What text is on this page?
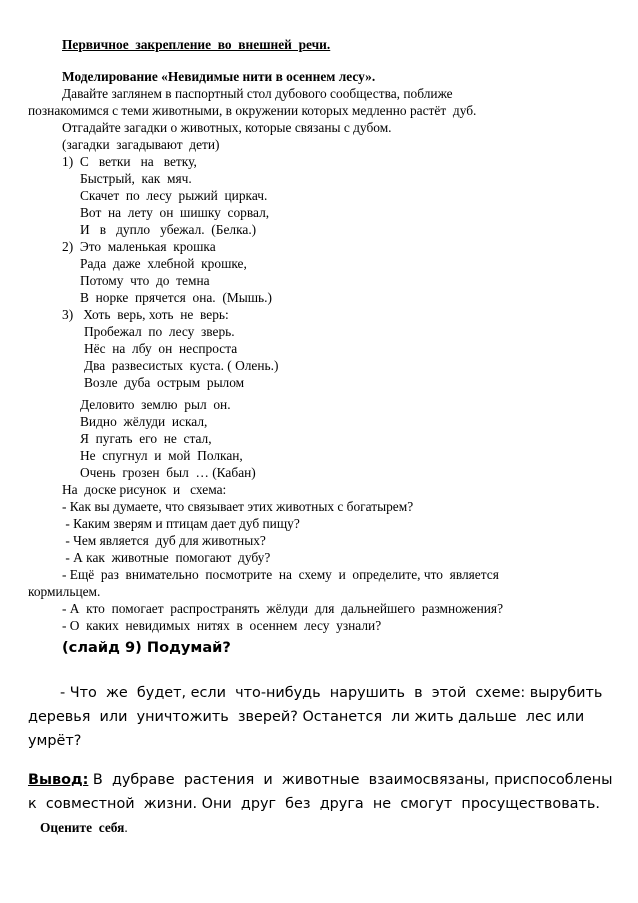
Первичное  закрепление  во  внешней  речи.
Моделирование «Невидимые нити в осеннем лесу».
Давайте заглянем в паспортный стол дубового сообщества, поближе
познакомимся с теми животными, в окружении которых медленно растёт  дуб.
Отгадайте загадки о животных, которые связаны с дубом.
(загадки  загадывают  дети)
1)  С   ветки   на   ветку,
Быстрый,  как  мяч.
Скачет  по  лесу  рыжий  циркач.
Вот  на  лету  он  шишку  сорвал,
И   в   дупло   убежал.  (Белка.)
2)  Это  маленькая  крошка
Рада  даже  хлебной  крошке,
Потому  что  до  темна
В  норке  прячется  она.  (Мышь.)
3)   Хоть  верь, хоть  не  верь:
Пробежал  по  лесу  зверь.
Нёс  на  лбу  он  неспроста
Два  развесистых  куста. ( Олень.)
Возле  дуба  острым  рылом
Деловито  землю  рыл  он.
Видно  жёлуди  искал,
Я  пугать  его  не  стал,
Не  спугнул  и  мой  Полкан,
Очень  грозен  был  … (Кабан)
На  доске рисунок  и   схема:
- Как вы думаете, что связывает этих животных с богатырем?
- Каким зверям и птицам дает дуб пищу?
- Чем является  дуб для животных?
- А как  животные  помогают  дубу?
- Ещё  раз  внимательно  посмотрите  на  схему  и  определите, что  является
кормильцем.
- А  кто  помогает  распространять  жёлуди  для  дальнейшего  размножения?
- О  каких  невидимых  нитях  в  осеннем  лесу  узнали?
(слайд 9) Подумай?
- Что  же  будет, если  что-нибудь  нарушить  в  этой  схеме: вырубить
деревья  или  уничтожить  зверей? Останется  ли жить дальше  лес или
умрёт?
Вывод: В  дубраве  растения  и  животные  взаимосвязаны, приспособлены
к  совместной  жизни. Они  друг  без  друга  не  смогут  просуществовать.
Оцените  себя.
